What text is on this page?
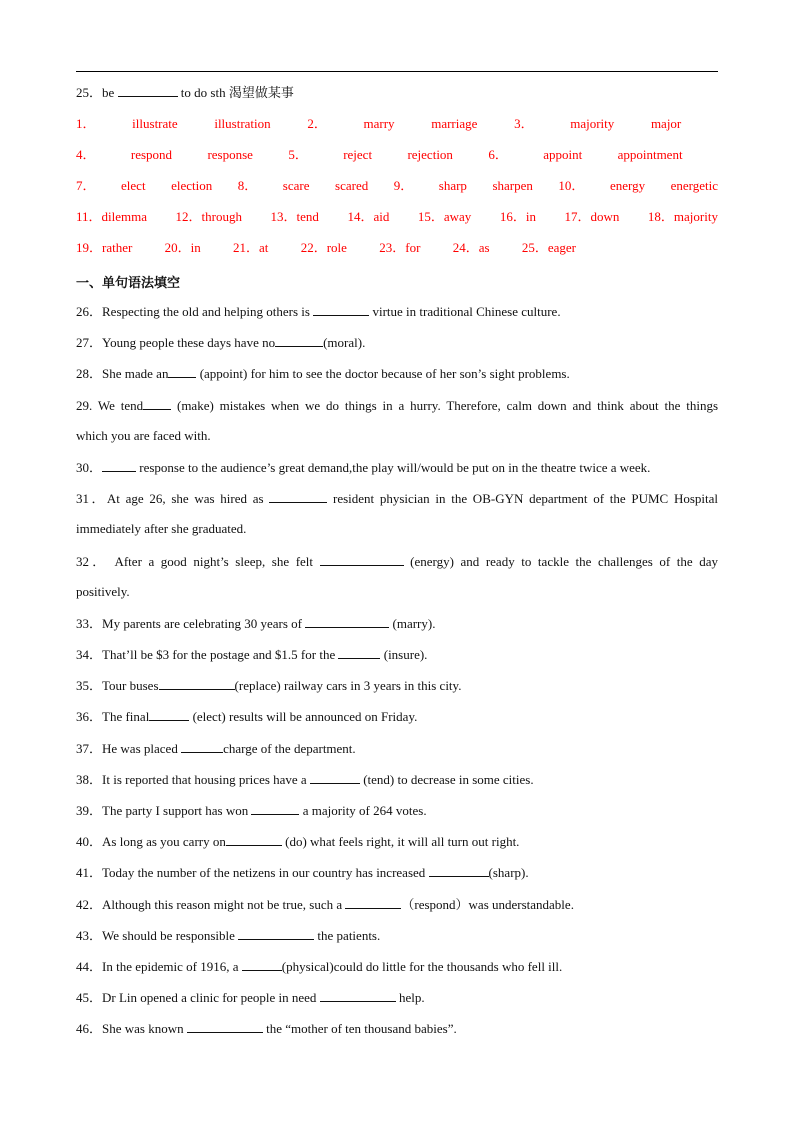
25．be	to do sth 渴望做某事
1．	illustrate	illustration	2．	marry	marriage	3．	majority	major
4．	respond	response	5．	reject	rejection	6．	appoint	appointment
7． elect election 8． scare scared 9． sharp sharpen 10． energy energetic
11．dilemma 12．through 13．tend 14．aid 15．away 16．in 17．down 18．majority
19．rather 20．in 21．at 22．role 23．for 24．as 25．eager
一、单句语法填空
26．Respecting the old and helping others is	virtue in traditional Chinese culture.
27．Young people these days have no	(moral).
28．She made an (appoint) for him to see the doctor because of her son’s sight problems.
29. We tend	(make) mistakes when we do things in a hurry. Therefore, calm down and think about the things
which you are faced with.
30．	response to the audience’s great demand,the play will/would be put on in the theatre twice a week.
31．At age 26, she was hired as	resident physician in the OB-GYN department of the PUMC Hospital
immediately after she graduated.
32． After a good night’s sleep, she felt	(energy) and ready to tackle the challenges of the day
positively.
33．My parents are celebrating 30 years of	(marry).
34．That’ll be $3 for the postage and $1.5 for the	(insure).
35．Tour buses	(replace) railway cars in 3 years in this city.
36．The final	(elect) results will be announced on Friday.
37．He was placed	charge of the department.
38．It is reported that housing prices have a	(tend) to decrease in some cities.
39．The party I support has won	a majority of 264 votes.
40．As long as you carry on	(do) what feels right, it will all turn out right.
41．Today the number of the netizens in our country has increased	(sharp).
42．Although this reason might not be true, such a	（respond）was understandable.
43．We should be responsible	the patients.
44．In the epidemic of 1916, a	(physical)could do little for the thousands who fell ill.
45．Dr Lin opened a clinic for people in need	help.
46．She was known	the “mother of ten thousand babies”.
